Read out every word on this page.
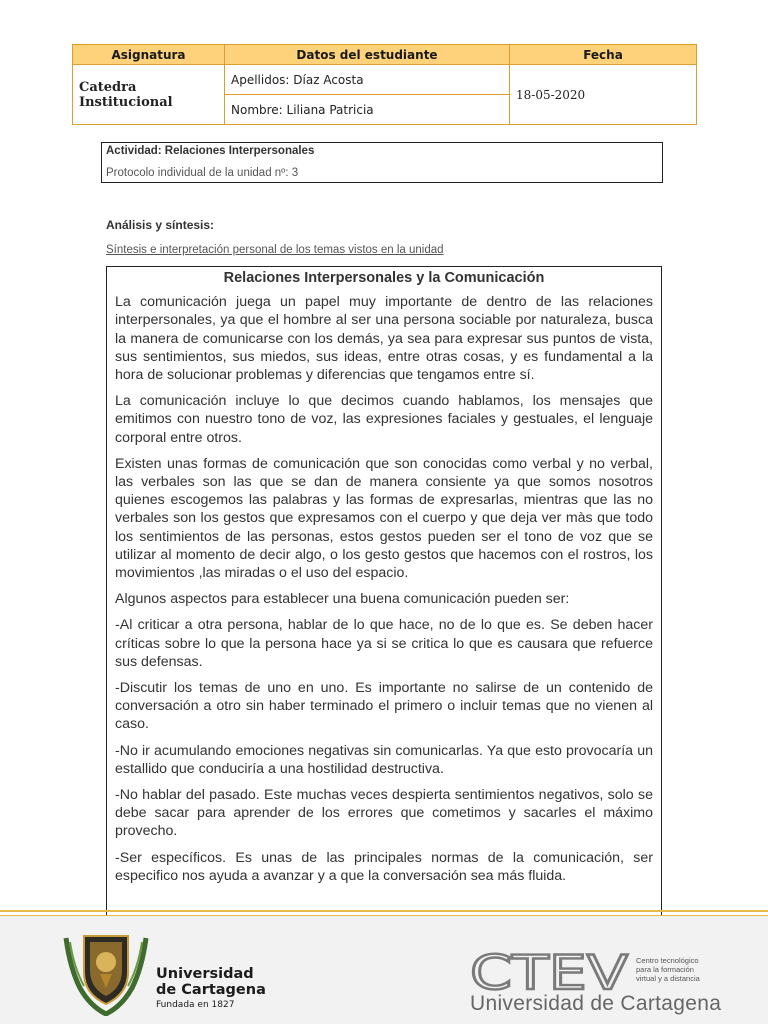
Asignatura	Datos del estudiante	Fecha
Catedra Institucional	Apellidos: Díaz Acosta	18-05-2020
	Nombre: Liliana Patricia	
Actividad: Relaciones Interpersonales
Protocolo individual de la unidad nº: 3
Análisis y síntesis:
Síntesis e interpretación personal de los temas vistos en la unidad
Relaciones Interpersonales y la Comunicación

La comunicación juega un papel muy importante de dentro de las relaciones interpersonales, ya que el hombre al ser una persona sociable por naturaleza, busca la manera de comunicarse con los demás, ya sea para expresar sus puntos de vista, sus sentimientos, sus miedos, sus ideas, entre otras cosas, y es fundamental a la hora de solucionar problemas y diferencias que tengamos entre sí.

La comunicación incluye lo que decimos cuando hablamos, los mensajes que emitimos con nuestro tono de voz, las expresiones faciales y gestuales, el lenguaje corporal entre otros.

Existen unas formas de comunicación que son conocidas como verbal y no verbal, las verbales son las que se dan de manera consiente ya que somos nosotros quienes escogemos las palabras y las formas de expresarlas, mientras que las no verbales son los gestos que expresamos con el cuerpo y que deja ver màs que todo los sentimientos de las personas, estos gestos pueden ser el tono de voz que se utilizar al momento de decir algo, o los gesto gestos que hacemos con el rostros, los movimientos ,las miradas o el uso del espacio.

Algunos aspectos para establecer una buena comunicación pueden ser:

-Al criticar a otra persona, hablar de lo que hace, no de lo que es. Se deben hacer críticas sobre lo que la persona hace ya si se critica lo que es causara que refuerce sus defensas.

-Discutir los temas de uno en uno. Es importante no salirse de un contenido de conversación a otro sin haber terminado el primero o incluir temas que no vienen al caso.

-No ir acumulando emociones negativas sin comunicarlas. Ya que esto provocaría un estallido que conduciría a una hostilidad destructiva.

-No hablar del pasado. Este muchas veces despierta sentimientos negativos, solo se debe sacar para aprender de los errores que cometimos y sacarles el máximo provecho.

-Ser específicos. Es unas de las principales normas de la comunicación, ser especifico nos ayuda a avanzar y a que la conversación sea más fluida.

Universidad
de Cartagena
Fundada en 1827
CTEV Centro tecnológico
para la formación
virtual y a distancia
Universidad de Cartagena
